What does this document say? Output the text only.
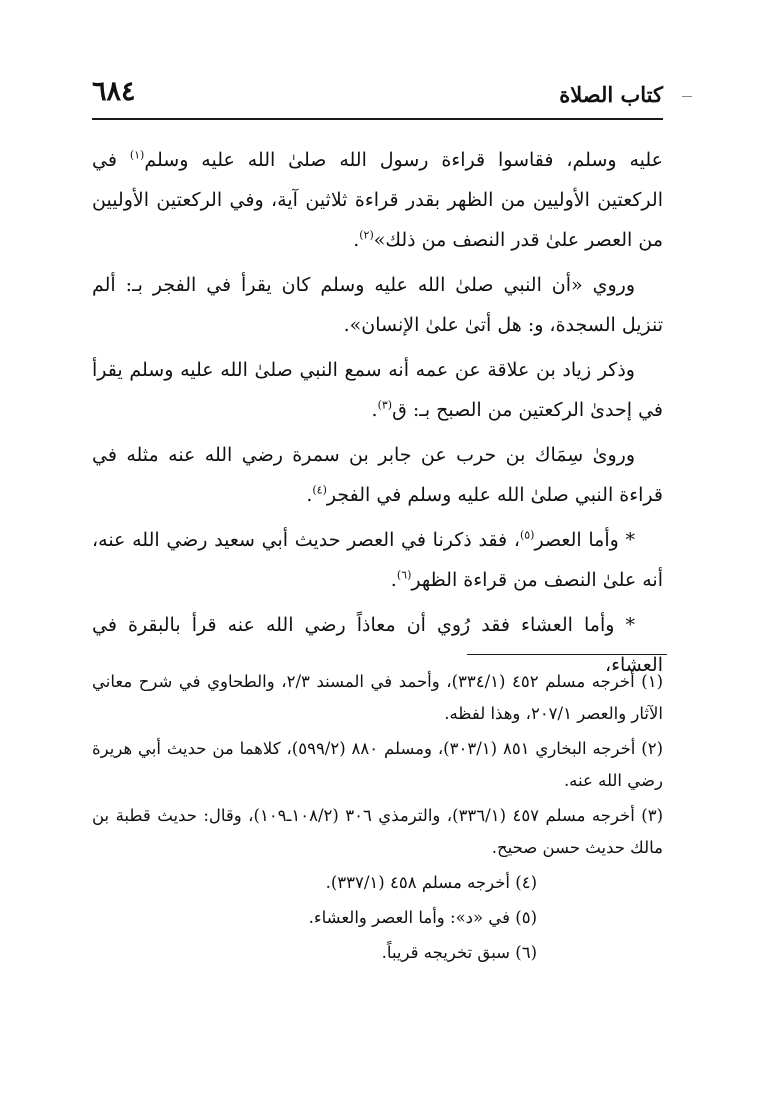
كتاب الصلاة
٦٨٤

عليه وسلم، فقاسوا قراءة رسول الله صلىٰ الله عليه وسلم$^{(١)}$ في الركعتين الأوليين من الظهر بقدر قراءة ثلاثين آية، وفي الركعتين الأوليين من العصر علىٰ قدر النصف من ذلك»$^{(٢)}$.

وروي «أن النبي صلىٰ الله عليه وسلم كان يقرأ في الفجر بـ: ألم تنزيل السجدة، و: هل أتىٰ علىٰ الإنسان».

وذكر زياد بن علاقة عن عمه أنه سمع النبي صلىٰ الله عليه وسلم يقرأ في إحدىٰ الركعتين من الصبح بـ: ق$^{(٣)}$.

وروىٰ سِمَاك بن حرب عن جابر بن سمرة رضي الله عنه مثله في قراءة النبي صلىٰ الله عليه وسلم في الفجر$^{(٤)}$.

* وأما العصر$^{(٥)}$، فقد ذكرنا في العصر حديث أبي سعيد رضي الله عنه، أنه علىٰ النصف من قراءة الظهر$^{(٦)}$.

* وأما العشاء فقد رُوي أن معاذاً رضي الله عنه قرأ بالبقرة في العشاء،

(١) أخرجه مسلم ٤٥٢ (٣٣٤/١)، وأحمد في المسند ٢/٣، والطحاوي في شرح معاني الآثار والعصر ٢٠٧/١، وهذا لفظه.

(٢) أخرجه البخاري ٨٥١ (٣٠٣/١)، ومسلم ٨٨٠ (٥٩٩/٢)، كلاهما من حديث أبي هريرة رضي الله عنه.

(٣) أخرجه مسلم ٤٥٧ (٣٣٦/١)، والترمذي ٣٠٦ (١٠٨/٢ـ١٠٩)، وقال: حديث قطبة بن مالك حديث حسن صحيح.

(٤) أخرجه مسلم ٤٥٨ (٣٣٧/١).

(٥) في «د»: وأما العصر والعشاء.

(٦) سبق تخريجه قريباً.
